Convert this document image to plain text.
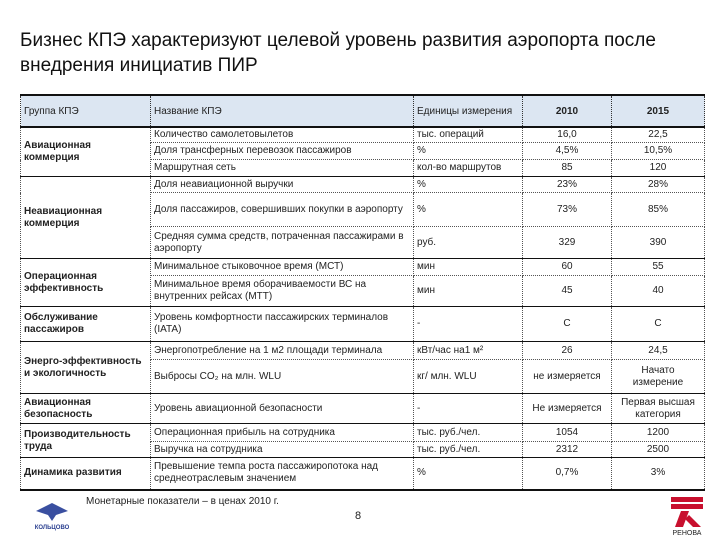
Бизнес КПЭ характеризуют целевой уровень развития аэропорта после внедрения инициатив ПИР
Группа КПЭ	Название КПЭ	Единицы измерения	2010	2015
Авиационная коммерция	Количество самолетовылетов	тыс. операций	16,0	22,5
	Доля трансферных перевозок пассажиров	%	4,5%	10,5%
	Маршрутная сеть	кол-во маршрутов	85	120
Неавиационная коммерция	Доля неавиационной выручки	%	23%	28%
	Доля пассажиров, совершивших покупки в аэропорту	%	73%	85%
	Средняя сумма средств, потраченная пассажирами в аэропорту	руб.	329	390
Операционная эффективность	Минимальное стыковочное время (МСТ)	мин	60	55
	Минимальное время оборачиваемости ВС на внутренних рейсах (МТТ)	мин	45	40
Обслуживание пассажиров	Уровень комфортности пассажирских терминалов (IATA)	-	C	C
Энерго-эффективность и экологичность	Энергопотребление на 1 м2 площади терминала	кВт/час на1 м²	26	24,5
	Выбросы CO₂ на млн. WLU	кг/ млн. WLU	не измеряется	Начато измерение
Авиационная безопасность	Уровень авиационной безопасности	-	Не измеряется	Первая высшая категория
Производительность труда	Операционная прибыль на сотрудника	тыс. руб./чел.	1054	1200
	Выручка на сотрудника	тыс. руб./чел.	2312	2500
Динамика развития	Превышение темпа роста пассажиропотока над среднеотраслевым значением	%	0,7%	3%
КОЛЬЦОВО
Монетарные показатели – в ценах 2010 г.
8
РЕНОВА
